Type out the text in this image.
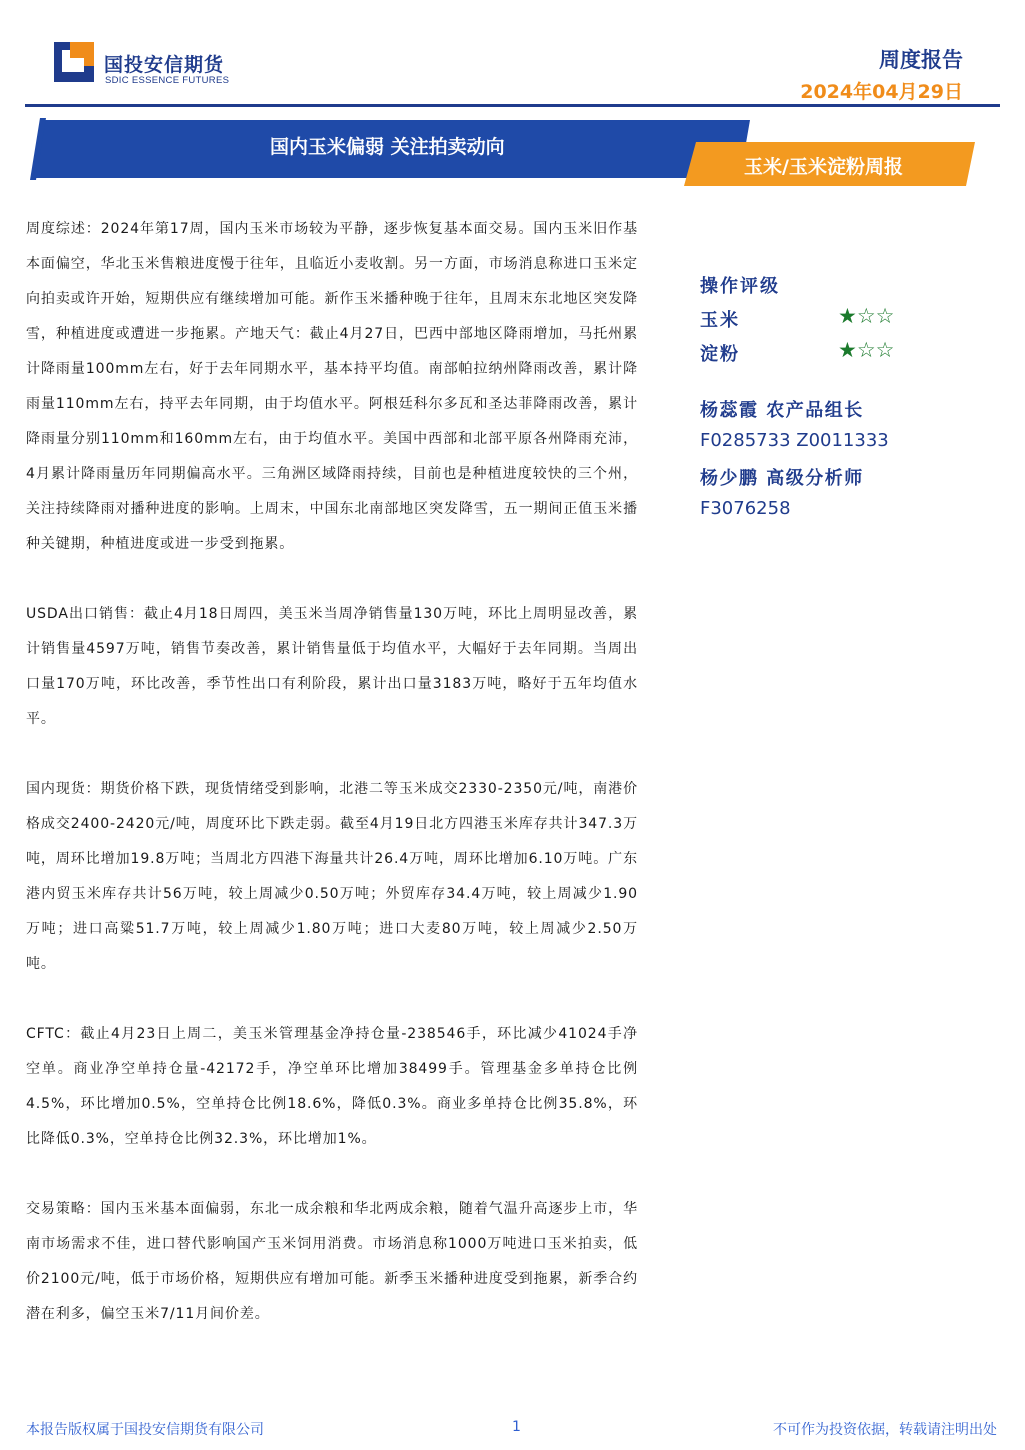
国投安信期货
SDIC ESSENCE FUTURES
周度报告
2024年04月29日
国内玉米偏弱 关注拍卖动向
玉米/玉米淀粉周报

周度综述：2024年第17周，国内玉米市场较为平静，逐步恢复基本面交易。国内玉米旧作基本面偏空，华北玉米售粮进度慢于往年，且临近小麦收割。另一方面，市场消息称进口玉米定向拍卖或许开始，短期供应有继续增加可能。新作玉米播种晚于往年，且周末东北地区突发降雪，种植进度或遭进一步拖累。产地天气：截止4月27日，巴西中部地区降雨增加，马托州累计降雨量100mm左右，好于去年同期水平，基本持平均值。南部帕拉纳州降雨改善，累计降雨量110mm左右，持平去年同期，由于均值水平。阿根廷科尔多瓦和圣达菲降雨改善，累计降雨量分别110mm和160mm左右，由于均值水平。美国中西部和北部平原各州降雨充沛，4月累计降雨量历年同期偏高水平。三角洲区域降雨持续，目前也是种植进度较快的三个州，关注持续降雨对播种进度的影响。上周末，中国东北南部地区突发降雪，五一期间正值玉米播种关键期，种植进度或进一步受到拖累。

USDA出口销售：截止4月18日周四，美玉米当周净销售量130万吨，环比上周明显改善，累计销售量4597万吨，销售节奏改善，累计销售量低于均值水平，大幅好于去年同期。当周出口量170万吨，环比改善，季节性出口有利阶段，累计出口量3183万吨，略好于五年均值水平。

国内现货：期货价格下跌，现货情绪受到影响，北港二等玉米成交2330-2350元/吨，南港价格成交2400-2420元/吨，周度环比下跌走弱。截至4月19日北方四港玉米库存共计347.3万吨，周环比增加19.8万吨；当周北方四港下海量共计26.4万吨，周环比增加6.10万吨。广东港内贸玉米库存共计56万吨，较上周减少0.50万吨；外贸库存34.4万吨，较上周减少1.90万吨；进口高粱51.7万吨，较上周减少1.80万吨；进口大麦80万吨，较上周减少2.50万吨。

CFTC：截止4月23日上周二，美玉米管理基金净持仓量-238546手，环比减少41024手净空单。商业净空单持仓量-42172手，净空单环比增加38499手。管理基金多单持仓比例4.5%，环比增加0.5%，空单持仓比例18.6%，降低0.3%。商业多单持仓比例35.8%，环比降低0.3%，空单持仓比例32.3%，环比增加1%。

交易策略：国内玉米基本面偏弱，东北一成余粮和华北两成余粮，随着气温升高逐步上市，华南市场需求不佳，进口替代影响国产玉米饲用消费。市场消息称1000万吨进口玉米拍卖，低价2100元/吨，低于市场价格，短期供应有增加可能。新季玉米播种进度受到拖累，新季合约潜在利多，偏空玉米7/11月间价差。

操作评级
玉米	★☆☆
淀粉	★☆☆
杨蕊霞 农产品组长
F0285733 Z0011333
杨少鹏 高级分析师
F3076258
本报告版权属于国投安信期货有限公司	1	不可作为投资依据，转载请注明出处
